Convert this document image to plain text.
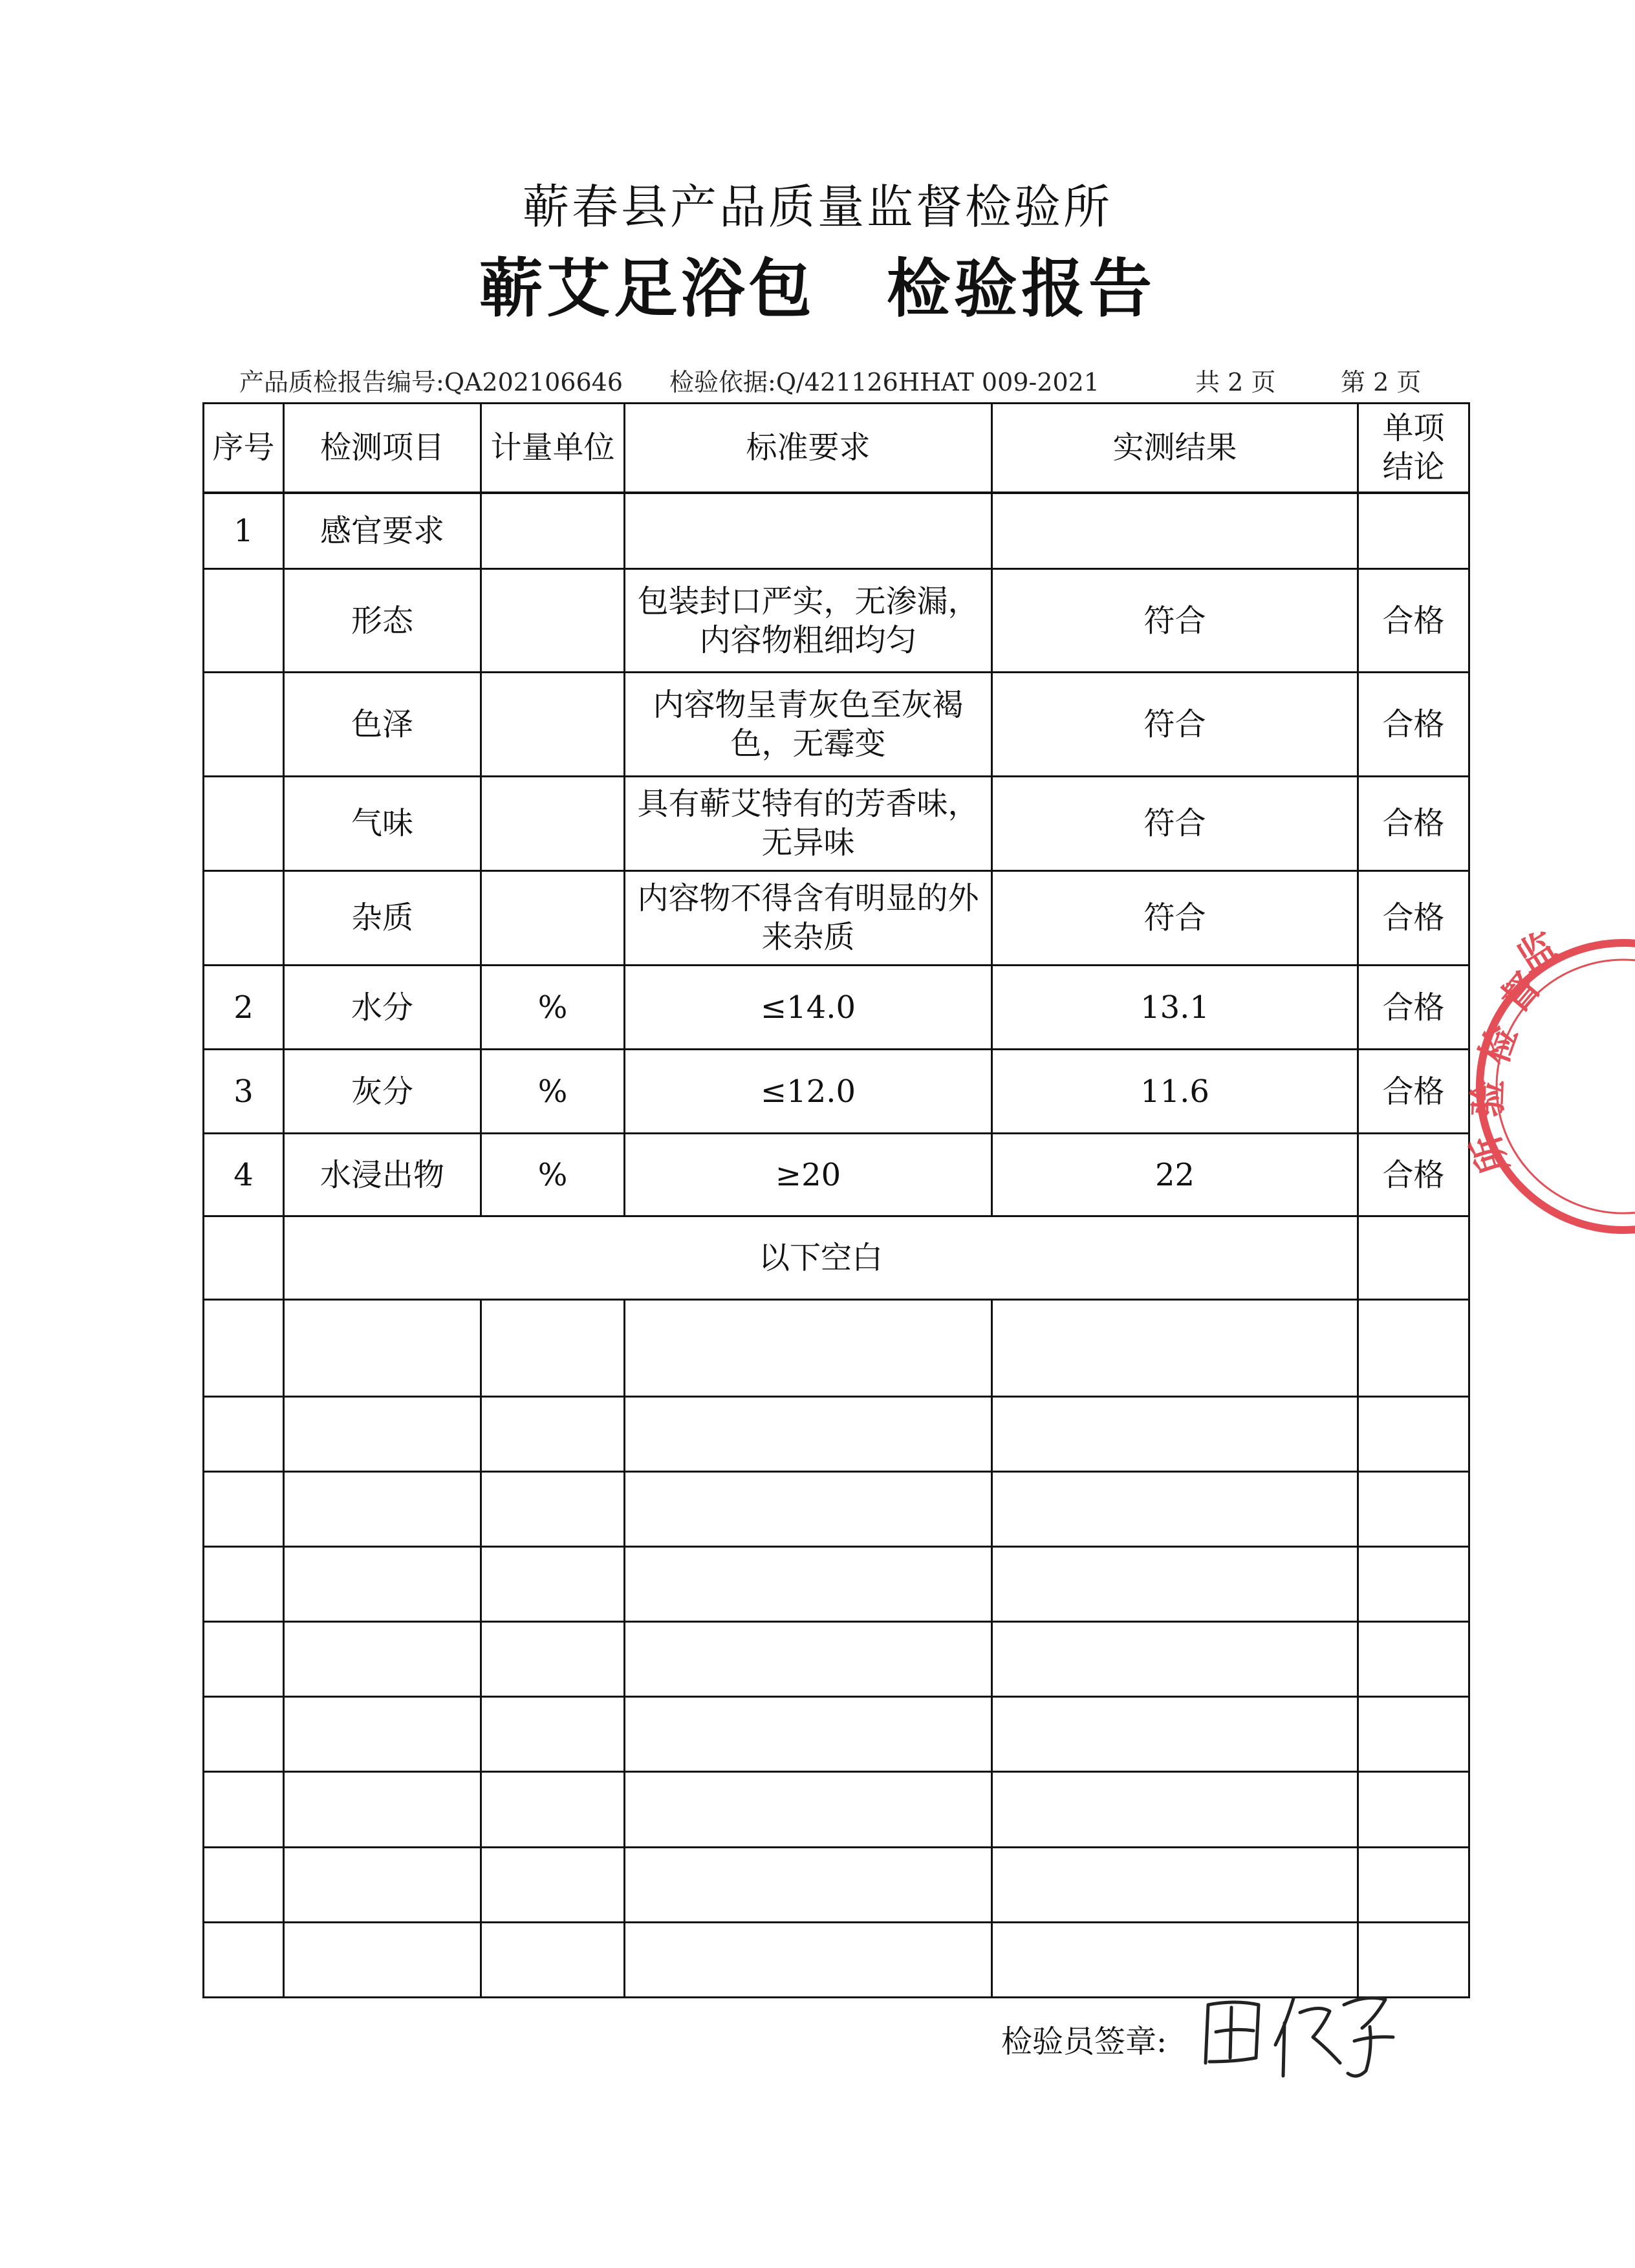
蕲春县产品质量监督检验所
蕲艾足浴包 检验报告
产品质检报告编号:QA202106646 检验依据:Q/421126HHAT 009-2021	共 2 页	第 2 页
序号	检测项目	计量单位	标准要求	实测结果	单项结论
1	感官要求				
	形态		包装封口严实，无渗漏，内容物粗细均匀	符合	合格
	色泽		内容物呈青灰色至灰褐色，无霉变	符合	合格
	气味		具有蕲艾特有的芳香味，无异味	符合	合格
	杂质		内容物不得含有明显的外来杂质	符合	合格
2	水分	%	≤14.0	13.1	合格
3	灰分	%	≤12.0	11.6	合格
4	水浸出物	%	≥20	22	合格
	以下空白				

督
检
验
所
监
检验员签章:
